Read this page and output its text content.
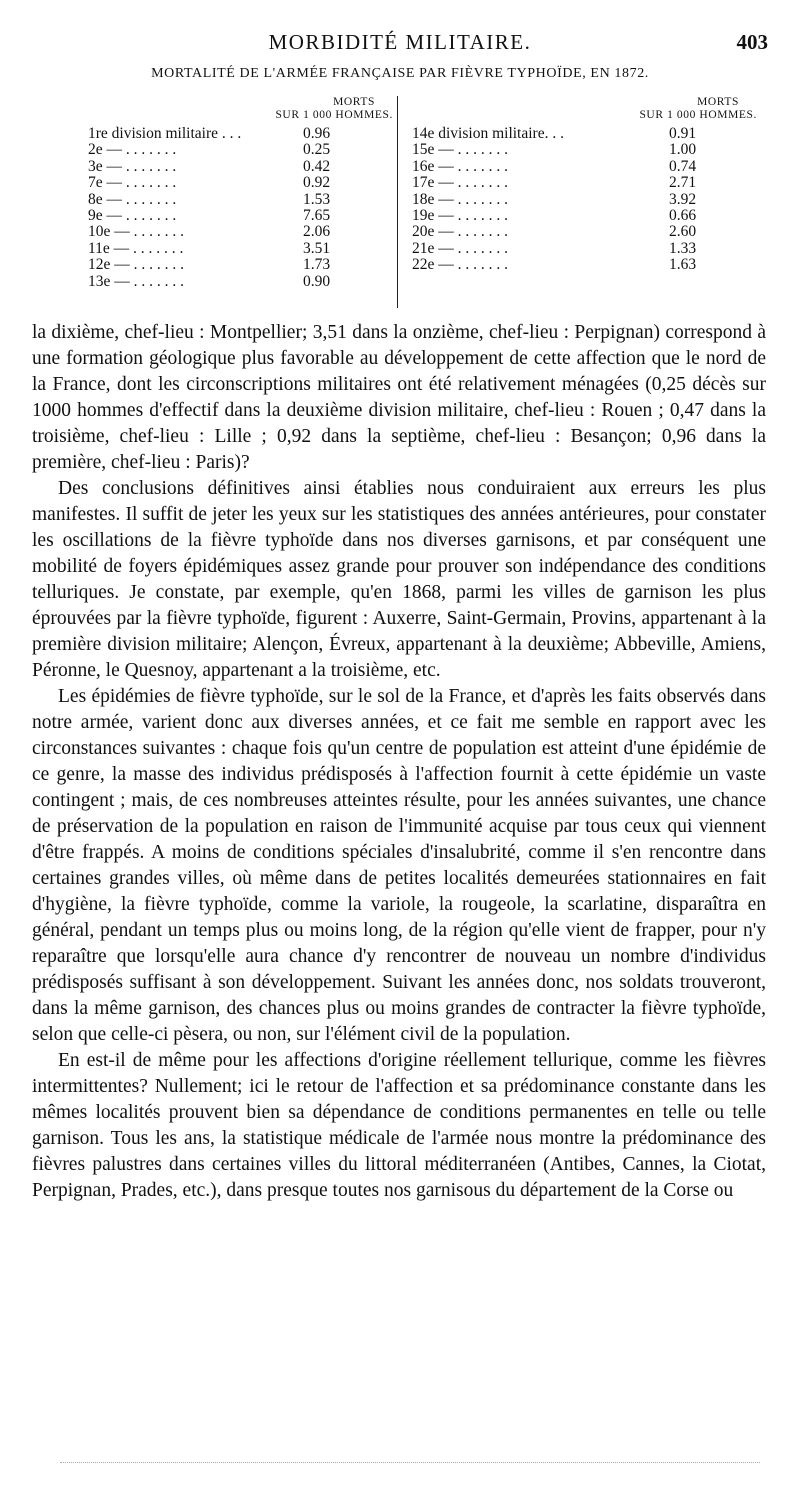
MORBIDITÉ MILITAIRE.	403
MORTALITÉ DE L'ARMÉE FRANÇAISE PAR FIÈVRE TYPHOÏDE, EN 1872.
MORTS
SUR 1 000 HOMMES.
1re division militaire . . .	0.96
2e — . . . . . . .	0.25
3e — . . . . . . .	0.42
7e — . . . . . . .	0.92
8e — . . . . . . .	1.53
9e — . . . . . . .	7.65
10e — . . . . . . .	2.06
11e — . . . . . . .	3.51
12e — . . . . . . .	1.73
13e — . . . . . . .	0.90
MORTS
SUR 1 000 HOMMES.
14e division militaire. . .	0.91
15e — . . . . . . .	1.00
16e — . . . . . . .	0.74
17e — . . . . . . .	2.71
18e — . . . . . . .	3.92
19e — . . . . . . .	0.66
20e — . . . . . . .	2.60
21e — . . . . . . .	1.33
22e — . . . . . . .	1.63

la dixième, chef-lieu : Montpellier; 3,51 dans la onzième, chef-lieu : Perpignan) correspond à une formation géologique plus favorable au développement de cette affection que le nord de la France, dont les circonscriptions militaires ont été relativement ménagées (0,25 décès sur 1000 hommes d'effectif dans la deuxième division militaire, chef-lieu : Rouen ; 0,47 dans la troisième, chef-lieu : Lille ; 0,92 dans la septième, chef-lieu : Besançon; 0,96 dans la première, chef-lieu : Paris)?

Des conclusions définitives ainsi établies nous conduiraient aux erreurs les plus manifestes. Il suffit de jeter les yeux sur les statistiques des années antérieures, pour constater les oscillations de la fièvre typhoïde dans nos diverses garnisons, et par conséquent une mobilité de foyers épidémiques assez grande pour prouver son indépendance des conditions telluriques. Je constate, par exemple, qu'en 1868, parmi les villes de garnison les plus éprouvées par la fièvre typhoïde, figurent : Auxerre, Saint-Germain, Provins, appartenant à la première division militaire; Alençon, Évreux, appartenant à la deuxième; Abbeville, Amiens, Péronne, le Quesnoy, appartenant a la troisième, etc.

Les épidémies de fièvre typhoïde, sur le sol de la France, et d'après les faits observés dans notre armée, varient donc aux diverses années, et ce fait me semble en rapport avec les circonstances suivantes : chaque fois qu'un centre de population est atteint d'une épidémie de ce genre, la masse des individus prédisposés à l'affection fournit à cette épidémie un vaste contingent ; mais, de ces nombreuses atteintes résulte, pour les années suivantes, une chance de préservation de la population en raison de l'immunité acquise par tous ceux qui viennent d'être frappés. A moins de conditions spéciales d'insalubrité, comme il s'en rencontre dans certaines grandes villes, où même dans de petites localités demeurées stationnaires en fait d'hygiène, la fièvre typhoïde, comme la variole, la rougeole, la scarlatine, disparaîtra en général, pendant un temps plus ou moins long, de la région qu'elle vient de frapper, pour n'y reparaître que lorsqu'elle aura chance d'y rencontrer de nouveau un nombre d'individus prédisposés suffisant à son développement. Suivant les années donc, nos soldats trouveront, dans la même garnison, des chances plus ou moins grandes de contracter la fièvre typhoïde, selon que celle-ci pèsera, ou non, sur l'élément civil de la population.

En est-il de même pour les affections d'origine réellement tellurique, comme les fièvres intermittentes? Nullement; ici le retour de l'affection et sa prédominance constante dans les mêmes localités prouvent bien sa dépendance de conditions permanentes en telle ou telle garnison. Tous les ans, la statistique médicale de l'armée nous montre la prédominance des fièvres palustres dans certaines villes du littoral méditerranéen (Antibes, Cannes, la Ciotat, Perpignan, Prades, etc.), dans presque toutes nos garnisous du département de la Corse ou
